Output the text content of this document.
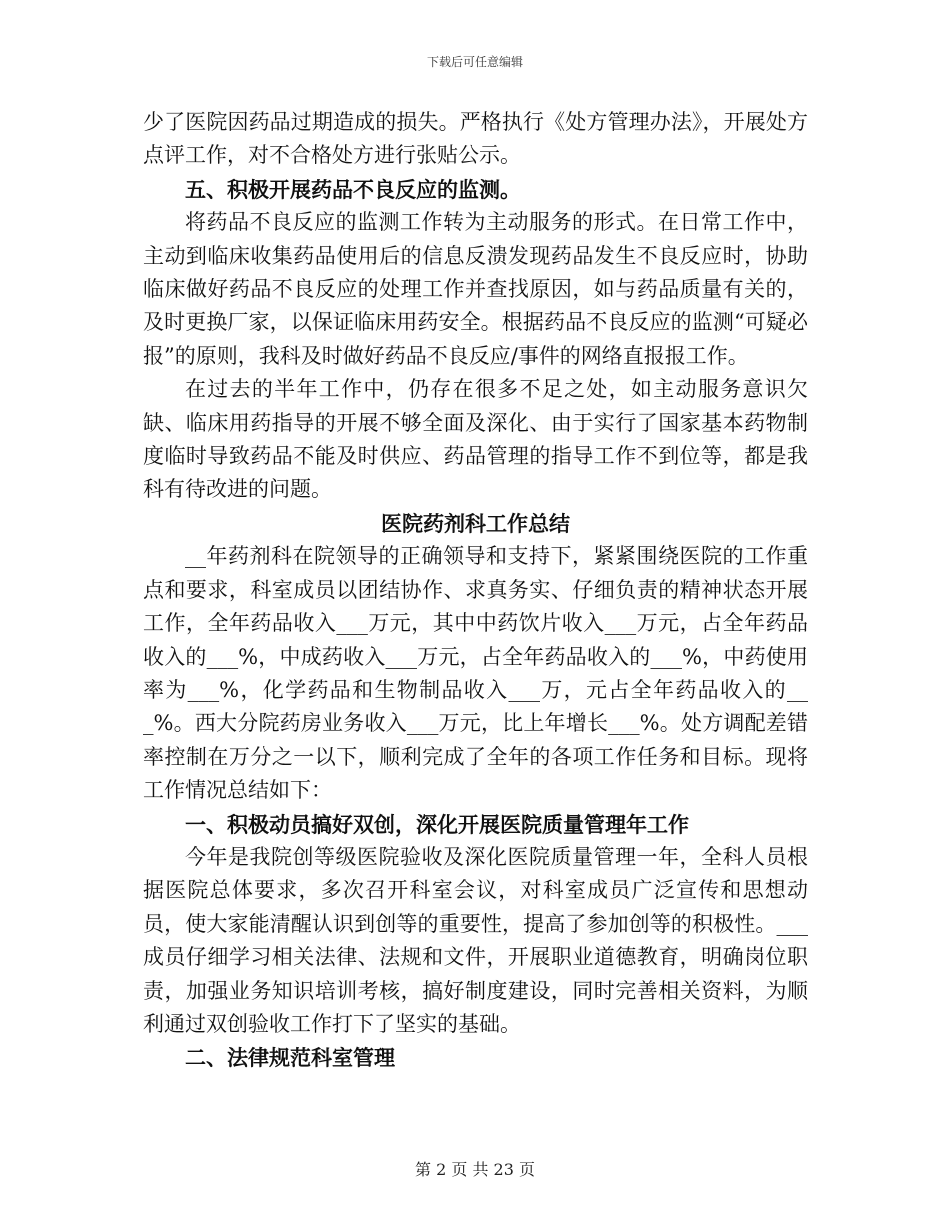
下载后可任意编辑

少了医院因药品过期造成的损失。严格执行《处方管理办法》，开展处方点评工作，对不合格处方进行张贴公示。

五、积极开展药品不良反应的监测。

将药品不良反应的监测工作转为主动服务的形式。在日常工作中，主动到临床收集药品使用后的信息反溃发现药品发生不良反应时，协助临床做好药品不良反应的处理工作并查找原因，如与药品质量有关的，及时更换厂家，以保证临床用药安全。根据药品不良反应的监测“可疑必报”的原则，我科及时做好药品不良反应/事件的网络直报报工作。

在过去的半年工作中，仍存在很多不足之处，如主动服务意识欠缺、临床用药指导的开展不够全面及深化、由于实行了国家基本药物制度临时导致药品不能及时供应、药品管理的指导工作不到位等，都是我科有待改进的问题。

医院药剂科工作总结

__年药剂科在院领导的正确领导和支持下，紧紧围绕医院的工作重点和要求，科室成员以团结协作、求真务实、仔细负责的精神状态开展工作，全年药品收入___万元，其中中药饮片收入___万元，占全年药品收入的___%，中成药收入___万元，占全年药品收入的___%，中药使用率为___%，化学药品和生物制品收入___万，元占全年药品收入的___%。西大分院药房业务收入___万元，比上年增长___%。处方调配差错率控制在万分之一以下，顺利完成了全年的各项工作任务和目标。现将工作情况总结如下：

一、积极动员搞好双创，深化开展医院质量管理年工作

今年是我院创等级医院验收及深化医院质量管理一年，全科人员根据医院总体要求，多次召开科室会议，对科室成员广泛宣传和思想动员，使大家能清醒认识到创等的重要性，提高了参加创等的积极性。___成员仔细学习相关法律、法规和文件，开展职业道德教育，明确岗位职责，加强业务知识培训考核，搞好制度建设，同时完善相关资料，为顺利通过双创验收工作打下了坚实的基础。

二、法律规范科室管理

第 2 页 共 23 页
